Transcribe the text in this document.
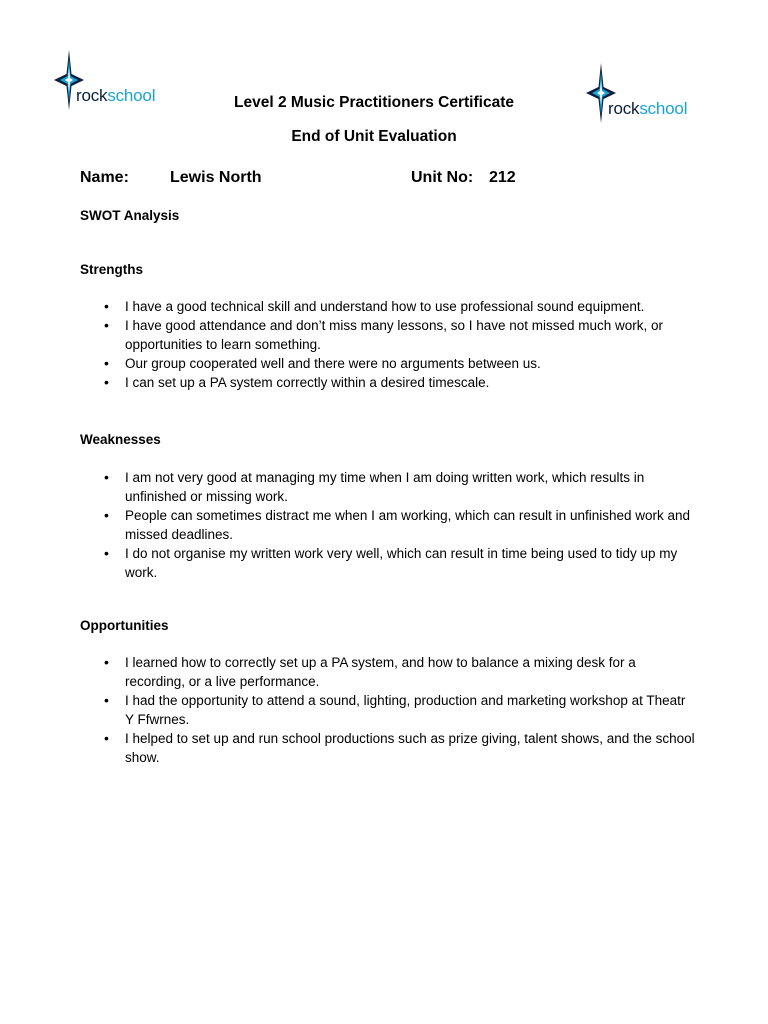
rockschool
rockschool
Level 2 Music Practitioners Certificate
End of Unit Evaluation
Name:	Lewis North	Unit No: 212
SWOT Analysis
Strengths
• I have a good technical skill and understand how to use professional sound equipment.
• I have good attendance and don’t miss many lessons, so I have not missed much work, or opportunities to learn something.
• Our group cooperated well and there were no arguments between us.
• I can set up a PA system correctly within a desired timescale.
Weaknesses
• I am not very good at managing my time when I am doing written work, which results in unfinished or missing work.
• People can sometimes distract me when I am working, which can result in unfinished work and missed deadlines.
• I do not organise my written work very well, which can result in time being used to tidy up my work.
Opportunities
• I learned how to correctly set up a PA system, and how to balance a mixing desk for a recording, or a live performance.
• I had the opportunity to attend a sound, lighting, production and marketing workshop at Theatr Y Ffwrnes.
• I helped to set up and run school productions such as prize giving, talent shows, and the school show.
